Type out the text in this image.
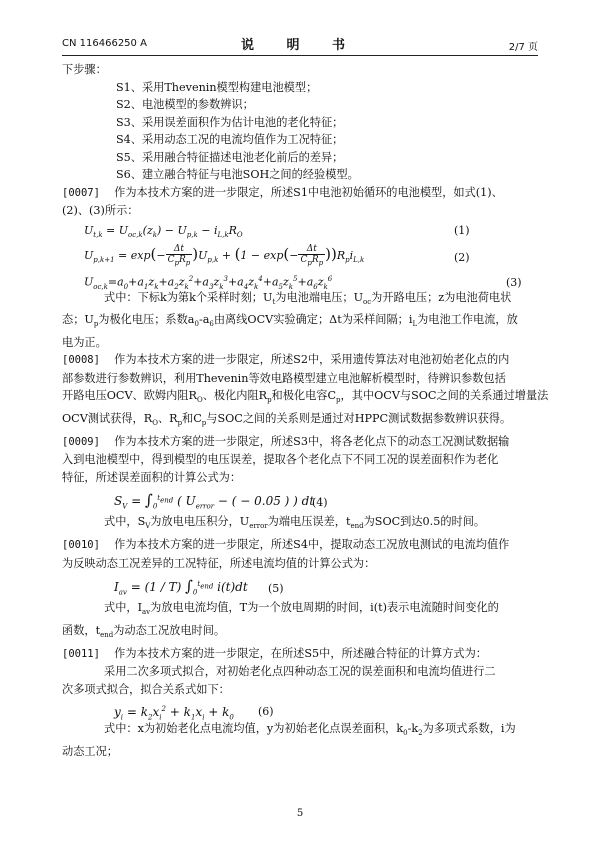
CN 116466250 A	说 明 书	2/7 页
下步骤：
S1、采用Thevenin模型构建电池模型；
S2、电池模型的参数辨识；
S3、采用误差面积作为估计电池的老化特征；
S4、采用动态工况的电流均值作为工况特征；
S5、采用融合特征描述电池老化前后的差异；
S6、建立融合特征与电池SOH之间的经验模型。
[0007] 作为本技术方案的进一步限定，所述S1中电池初始循环的电池模型，如式(1)、
(2)、(3)所示：
$U_{t,k} = U_{oc,k}(z_k) - U_{p,k} - i_{L,k}R_O$	(1)
$U_{p,k+1} = \exp(- \frac{\Delta t}{C_pR_p} )U_{p,k} + (1 - \exp(- \frac{\Delta t}{C_pR_p} ))R_pi_{L,k}$	(2)
$U_{oc,k}=a_0+a_1z_k+a_2z_k^2+a_3z_k^3+a_4z_k^4+a_5z_k^5+a_6z_k^6$	(3)
式中：下标k为第k个采样时刻；$U_t$为电池端电压；$U_{oc}$为开路电压；z为电池荷电状
态；$U_p$为极化电压；系数$a_0-a_6$由离线OCV实验确定；Δt为采样间隔；$i_L$为电池工作电流，放
电为正。
[0008] 作为本技术方案的进一步限定，所述S2中，采用遗传算法对电池初始老化点的内
部参数进行参数辨识，利用Thevenin等效电路模型建立电池解析模型时，待辨识参数包括
开路电压OCV、欧姆内阻$R_O$、极化内阻$R_p$和极化电容$C_p$，其中OCV与SOC之间的关系通过增量法
OCV测试获得，$R_O$、$R_p$和$C_p$与SOC之间的关系则是通过对HPPC测试数据参数辨识获得。
[0009] 作为本技术方案的进一步限定，所述S3中，将各老化点下的动态工况测试数据输
入到电池模型中，得到模型的电压误差，提取各个老化点下不同工况的误差面积作为老化
特征，所述误差面积的计算公式为：
$S_V = \int_0^{t_{end}}$ ( $U_{error}$ − ( − 0.05 ) ) dt
(4)
式中，$S_V$为放电电压积分，$U_{error}$为端电压误差，$t_{end}$为SOC到达0.5的时间。
[0010] 作为本技术方案的进一步限定，所述S4中，提取动态工况放电测试的电流均值作
为反映动态工况差异的工况特征，所述电流均值的计算公式为：
$I_{av} = (1 / T)$ $\int_0^{t_{end}}$ i(t)dt (5)
式中，$I_{av}$为放电电流均值，T为一个放电周期的时间，i(t)表示电流随时间变化的
函数，$t_{end}$为动态工况放电时间。
[0011] 作为本技术方案的进一步限定，在所述S5中，所述融合特征的计算方式为：
采用二次多项式拟合，对初始老化点四种动态工况的误差面积和电流均值进行二
次多项式拟合，拟合关系式如下：
$y_i = k_2x_i^2 + k_1x_i + k_0$ (6)
式中：x为初始老化点电流均值，y为初始老化点误差面积，$k_0-k_2$为多项式系数，i为
动态工况；
5
